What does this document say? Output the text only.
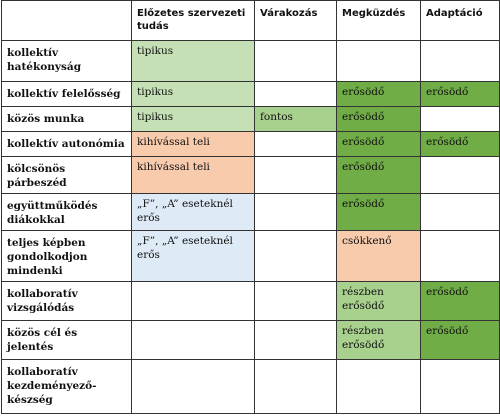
	Előzetes szervezeti tudás	Várakozás	Megküzdés	Adaptáció
kollektív hatékonyság	tipikus			
kollektív felelősség	tipikus		erősödő	erősödő
közös munka	tipikus	fontos	erősödő	
kollektív autonómia	kihívással teli		erősödő	erősödő
kölcsönös párbeszéd	kihívással teli		erősödő	
együttműködés diákokkal	„F”, „A” eseteknél erős		erősödő	
teljes képben gondolkodjon mindenki	„F”, „A” eseteknél erős		csökkenő	
kollaboratív vizsgálódás			részben erősödő	erősödő
közös cél és jelentés			részben erősödő	erősödő
kollaboratív kezdeményező-készség				
